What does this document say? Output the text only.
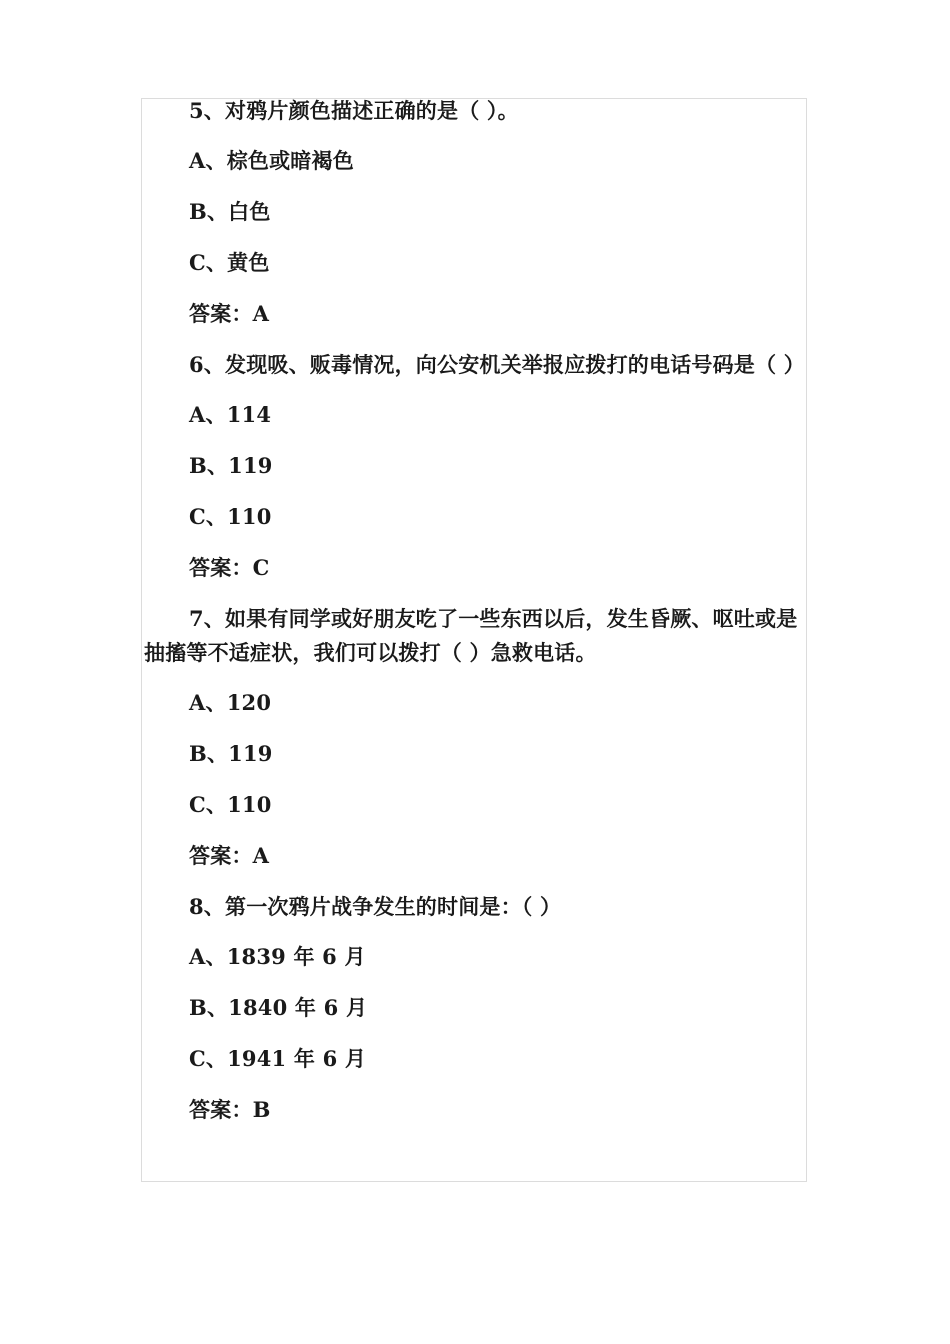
5、对鸦片颜色描述正确的是（ ）。

A、棕色或暗褐色

B、白色

C、黄色

答案：A

6、发现吸、贩毒情况，向公安机关举报应拨打的电话号码是（ ）

A、114

B、119

C、110

答案：C

7、如果有同学或好朋友吃了一些东西以后，发生昏厥、呕吐或是抽搐等不适症状，我们可以拨打（ ）急救电话。

A、120

B、119

C、110

答案：A

8、第一次鸦片战争发生的时间是：（ ）

A、1839 年 6 月

B、1840 年 6 月

C、1941 年 6 月

答案：B
